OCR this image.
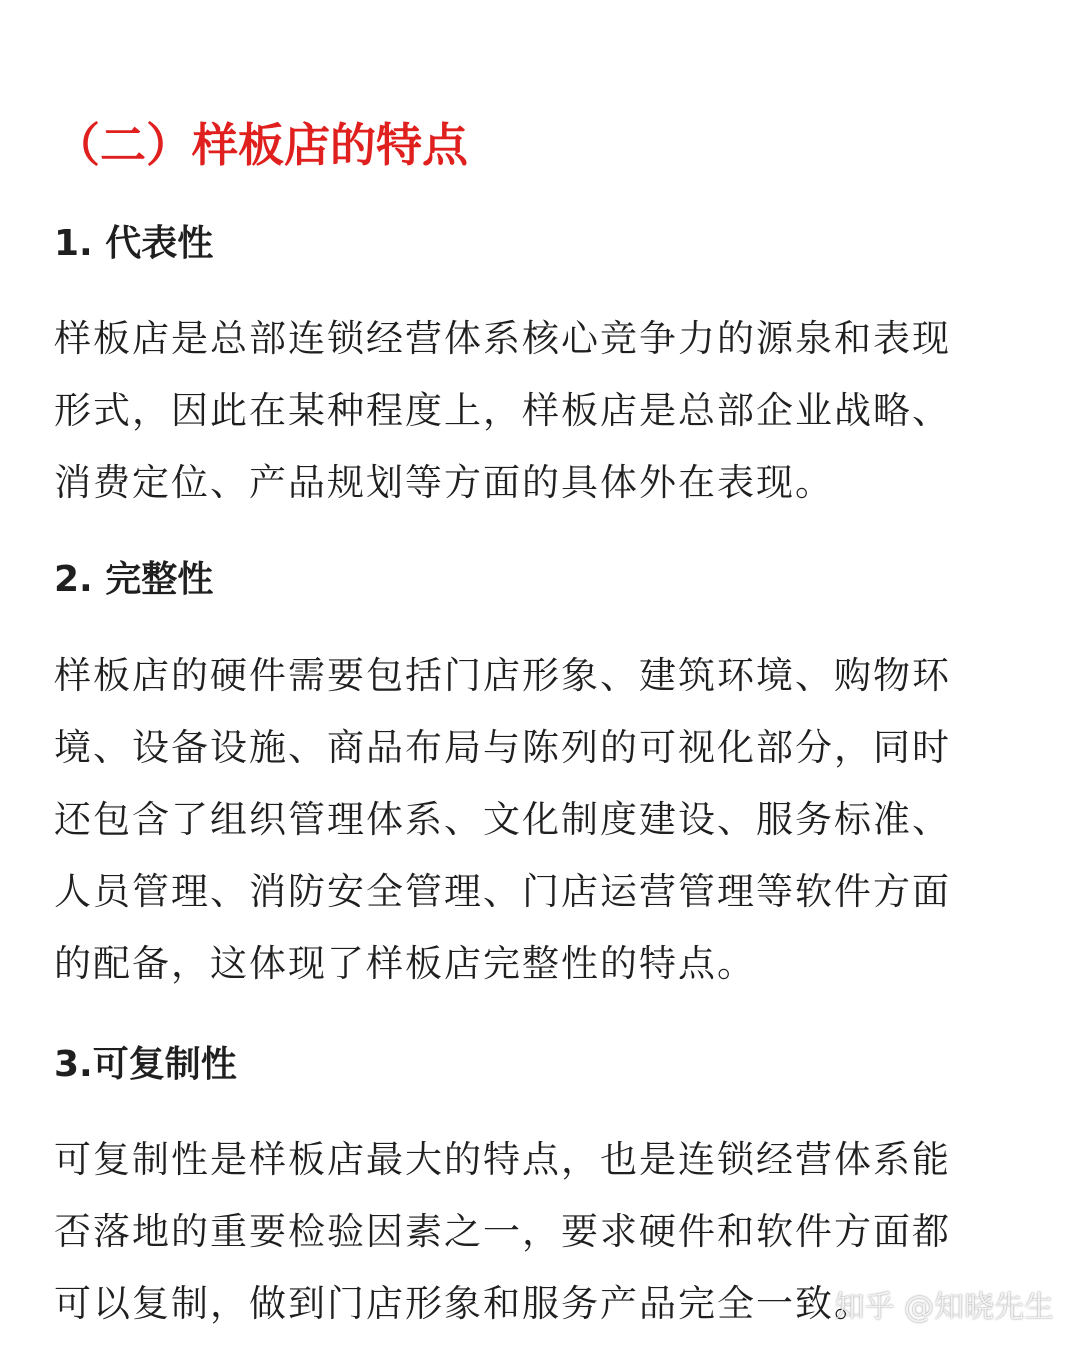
（二）样板店的特点
1. 代表性

样板店是总部连锁经营体系核心竞争力的源泉和表现
形式，因此在某种程度上，样板店是总部企业战略、
消费定位、产品规划等方面的具体外在表现。

2. 完整性

样板店的硬件需要包括门店形象、建筑环境、购物环
境、设备设施、商品布局与陈列的可视化部分，同时
还包含了组织管理体系、文化制度建设、服务标准、
人员管理、消防安全管理、门店运营管理等软件方面
的配备，这体现了样板店完整性的特点。

3.可复制性

可复制性是样板店最大的特点，也是连锁经营体系能
否落地的重要检验因素之一，要求硬件和软件方面都
可以复制，做到门店形象和服务产品完全一致。

知乎 @知晓先生
